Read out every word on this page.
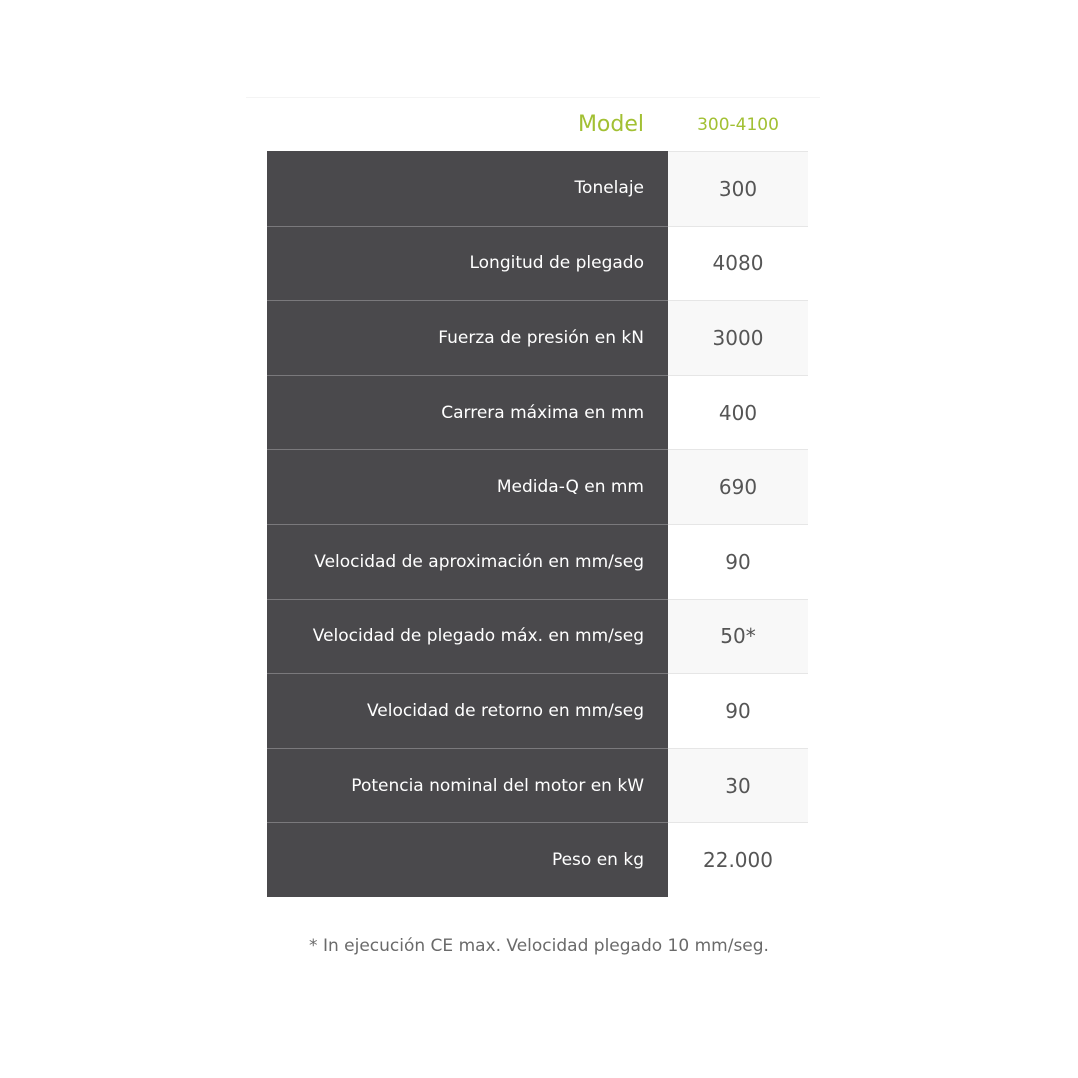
Model	300-4100
Tonelaje	300
Longitud de plegado	4080
Fuerza de presión en kN	3000
Carrera máxima en mm	400
Medida-Q en mm	690
Velocidad de aproximación en mm/seg	90
Velocidad de plegado máx. en mm/seg	50*
Velocidad de retorno en mm/seg	90
Potencia nominal del motor en kW	30
Peso en kg	22.000
* In ejecución CE max. Velocidad plegado 10 mm/seg.
